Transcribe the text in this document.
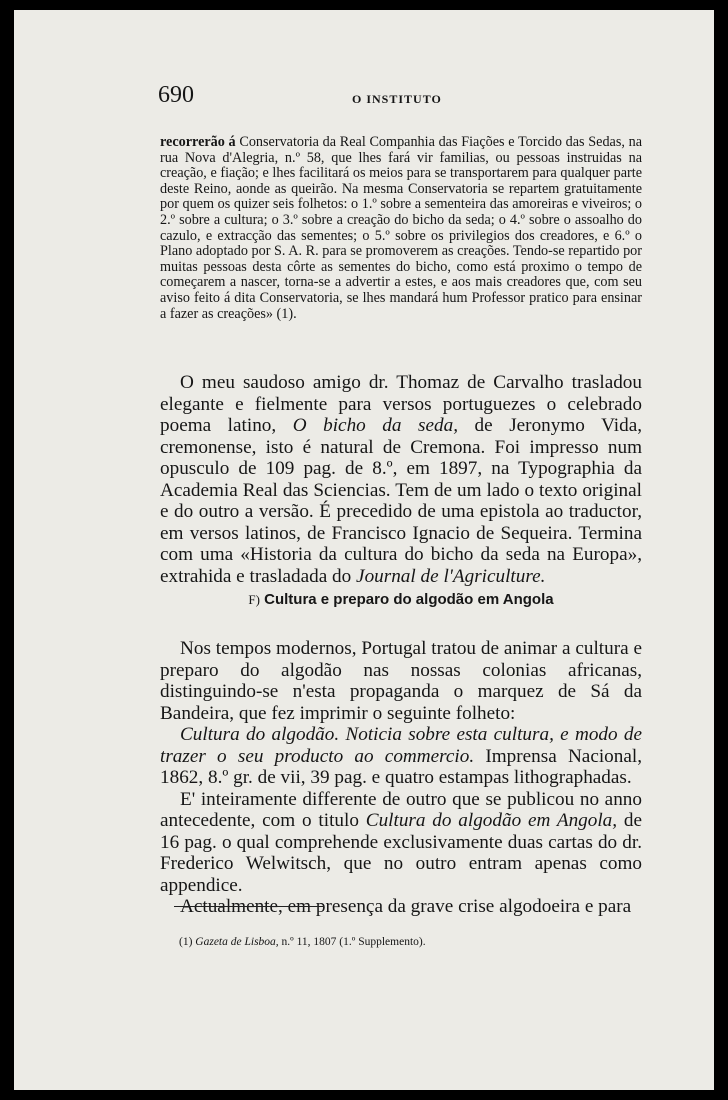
690	O INSTITUTO
recorrerão á Conservatoria da Real Companhia das Fiações e Torcido das Sedas, na rua Nova d'Alegria, n.º 58, que lhes fará vir familias, ou pessoas instruidas na creação, e fiação; e lhes facilitará os meios para se transportarem para qualquer parte deste Reino, aonde as queirão. Na mesma Conservatoria se repartem gratuitamente por quem os quizer seis folhetos: o 1.º sobre a sementeira das amoreiras e viveiros; o 2.º sobre a cultura; o 3.º sobre a creação do bicho da seda; o 4.º sobre o assoalho do cazulo, e extracção das sementes; o 5.º sobre os privilegios dos creadores, e 6.º o Plano adoptado por S. A. R. para se promoverem as creações. Tendo-se repartido por muitas pessoas desta côrte as sementes do bicho, como está proximo o tempo de começarem a nascer, torna-se a advertir a estes, e aos mais creadores que, com seu aviso feito á dita Conservatoria, se lhes mandará hum Professor pratico para ensinar a fazer as creações» (1).

O meu saudoso amigo dr. Thomaz de Carvalho trasladou elegante e fielmente para versos portuguezes o celebrado poema latino, O bicho da seda, de Jeronymo Vida, cremonense, isto é natural de Cremona. Foi impresso num opusculo de 109 pag. de 8.º, em 1897, na Typographia da Academia Real das Sciencias. Tem de um lado o texto original e do outro a versão. É precedido de uma epistola ao traductor, em versos latinos, de Francisco Ignacio de Sequeira. Termina com uma «Historia da cultura do bicho da seda na Europa», extrahida e trasladada do Journal de l'Agriculture.

F) Cultura e preparo do algodão em Angola

Nos tempos modernos, Portugal tratou de animar a cultura e preparo do algodão nas nossas colonias africanas, distinguindo-se n'esta propaganda o marquez de Sá da Bandeira, que fez imprimir o seguinte folheto:

Cultura do algodão. Noticia sobre esta cultura, e modo de trazer o seu producto ao commercio. Imprensa Nacional, 1862, 8.º gr. de vii, 39 pag. e quatro estampas lithographadas.

E' inteiramente differente de outro que se publicou no anno antecedente, com o titulo Cultura do algodão em Angola, de 16 pag. o qual comprehende exclusivamente duas cartas do dr. Frederico Welwitsch, que no outro entram apenas como appendice.

Actualmente, em presença da grave crise algodoeira e para

(1) Gazeta de Lisboa, n.º 11, 1807 (1.º Supplemento).
